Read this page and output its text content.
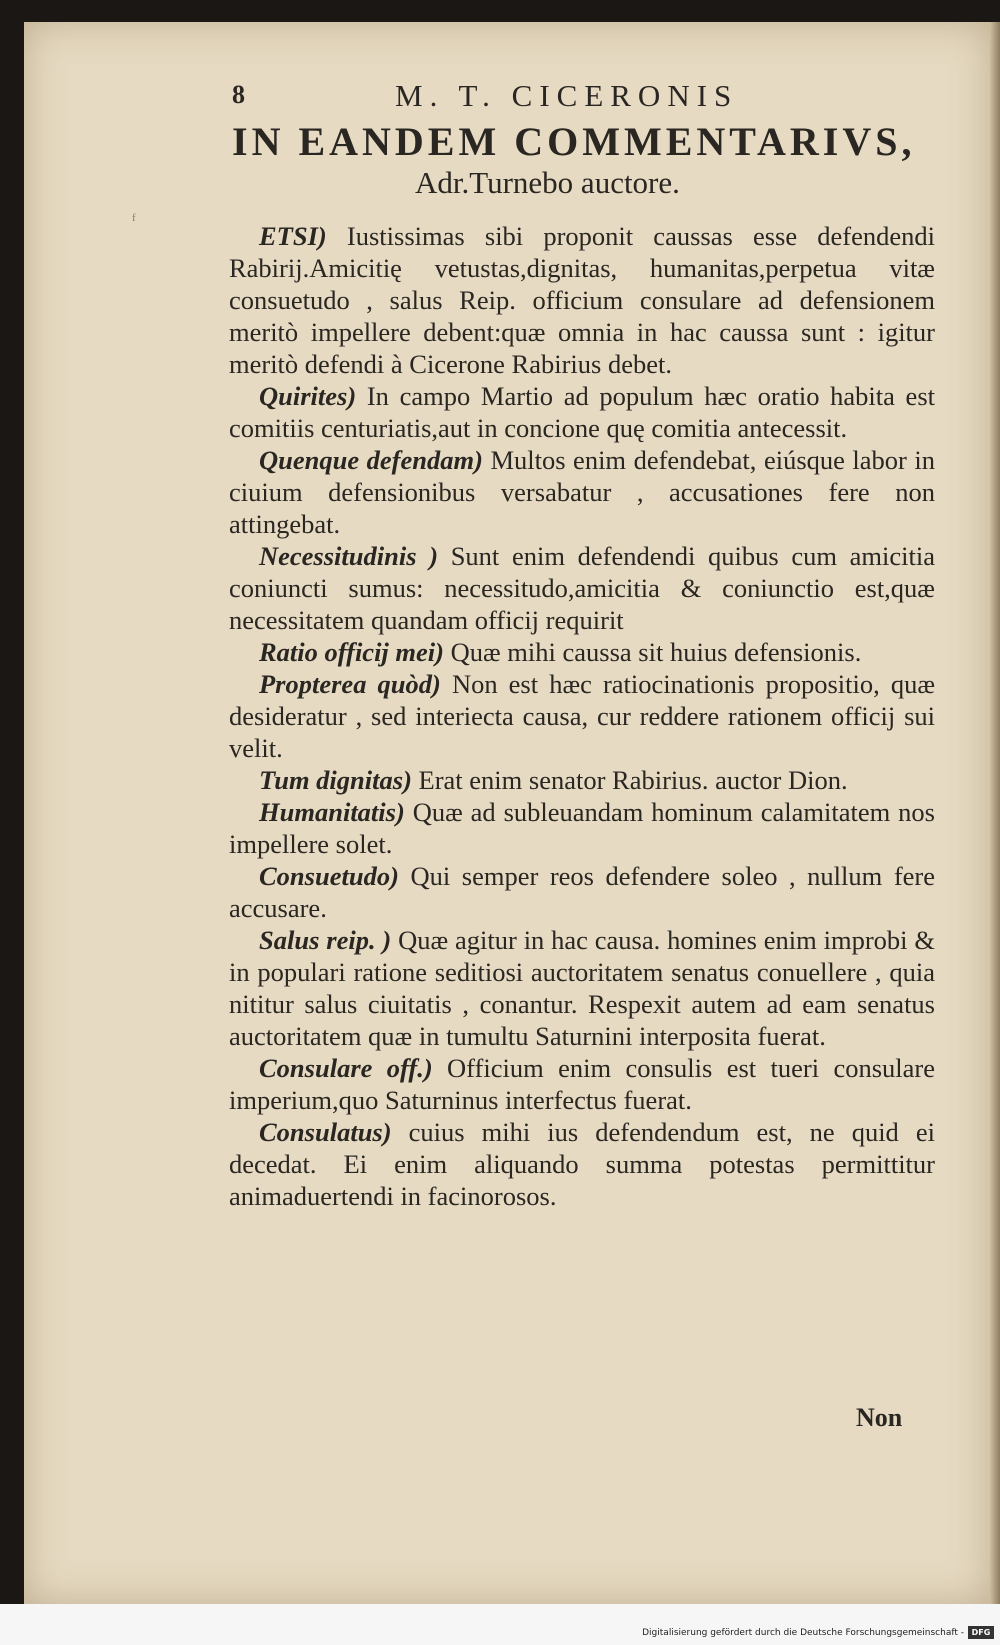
8	M. T. CICERONIS
IN EANDEM COMMENTARIVS,
Adr.Turnebo auctore.
ᶠ

ETSI) Iustissimas sibi proponit caussas esse defendendi Rabirij.Amicitię vetustas,dignitas, humanitas,perpetua vitæ consuetudo , salus Reip. officium consulare ad defensionem meritò impellere debent:quæ omnia in hac caussa sunt : igitur meritò defendi à Cicerone Rabirius debet.

Quirites) In campo Martio ad populum hæc oratio habita est comitiis centuriatis,aut in concione quę comitia antecessit.

Quenque defendam) Multos enim defendebat, eiúsque labor in ciuium defensionibus versabatur , accusationes fere non attingebat.

Necessitudinis ) Sunt enim defendendi quibus cum amicitia coniuncti sumus: necessitudo,amicitia & coniunctio est,quæ necessitatem quandam officij requirit

Ratio officij mei) Quæ mihi caussa sit huius defensionis.

Propterea quòd) Non est hæc ratiocinationis propositio, quæ desideratur , sed interiecta causa, cur reddere rationem officij sui velit.

Tum dignitas) Erat enim senator Rabirius. auctor Dion.

Humanitatis) Quæ ad subleuandam hominum calamitatem nos impellere solet.

Consuetudo) Qui semper reos defendere soleo , nullum fere accusare.

Salus reip. ) Quæ agitur in hac causa. homines enim improbi & in populari ratione seditiosi auctoritatem senatus conuellere , quia nititur salus ciuitatis , conantur. Respexit autem ad eam senatus auctoritatem quæ in tumultu Saturnini interposita fuerat.

Consulare off.) Officium enim consulis est tueri consulare imperium,quo Saturninus interfectus fuerat.

Consulatus) cuius mihi ius defendendum est, ne quid ei decedat. Ei enim aliquando summa potestas permittitur animaduertendi in facinorosos.

Non
Digitalisierung gefördert durch die Deutsche Forschungsgemeinschaft - DFG
